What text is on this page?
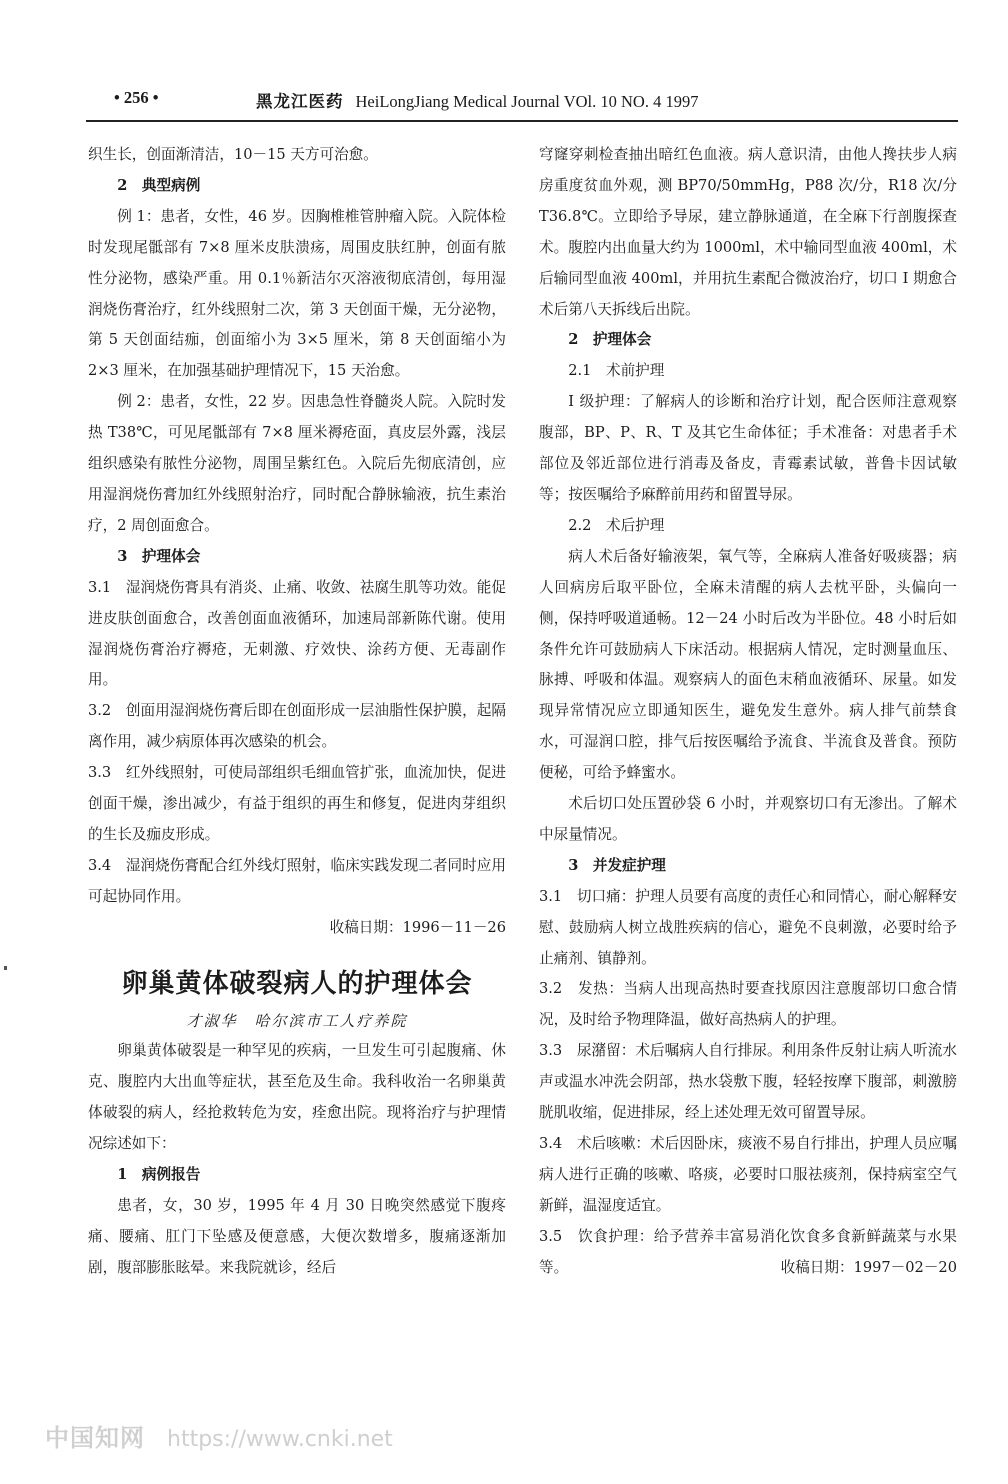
• 256 •	黑龙江医药 HeiLongJiang Medical Journal VOl. 10 NO. 4 1997

织生长，创面渐清洁，10－15 天方可治愈。

2　典型病例

例 1：患者，女性，46 岁。因胸椎椎管肿瘤入院。入院体检时发现尾骶部有 7×8 厘米皮肤溃疡，周围皮肤红肿，创面有脓性分泌物，感染严重。用 0.1％新洁尔灭溶液彻底清创，每用湿润烧伤膏治疗，红外线照射二次，第 3 天创面干燥，无分泌物，第 5 天创面结痂，创面缩小为 3×5 厘米，第 8 天创面缩小为 2×3 厘米，在加强基础护理情况下，15 天治愈。

例 2：患者，女性，22 岁。因患急性脊髓炎人院。入院时发热 T38℃，可见尾骶部有 7×8 厘米褥疮面，真皮层外露，浅层组织感染有脓性分泌物，周围呈紫红色。入院后先彻底清创，应用湿润烧伤膏加红外线照射治疗，同时配合静脉输液，抗生素治疗，2 周创面愈合。

3　护理体会

3.1　湿润烧伤膏具有消炎、止痛、收敛、祛腐生肌等功效。能促进皮肤创面愈合，改善创面血液循环，加速局部新陈代谢。使用湿润烧伤膏治疗褥疮，无刺激、疗效快、涂药方便、无毒副作用。

3.2　创面用湿润烧伤膏后即在创面形成一层油脂性保护膜，起隔离作用，减少病原体再次感染的机会。

3.3　红外线照射，可使局部组织毛细血管扩张，血流加快，促进创面干燥，渗出减少，有益于组织的再生和修复，促进肉芽组织的生长及痂皮形成。

3.4　湿润烧伤膏配合红外线灯照射，临床实践发现二者同时应用可起协同作用。

收稿日期：1996－11－26

卵巢黄体破裂病人的护理体会

才淑华　哈尔滨市工人疗养院

卵巢黄体破裂是一种罕见的疾病，一旦发生可引起腹痛、休克、腹腔内大出血等症状，甚至危及生命。我科收治一名卵巢黄体破裂的病人，经抢救转危为安，痊愈出院。现将治疗与护理情况综述如下：

1　病例报告

患者，女，30 岁，1995 年 4 月 30 日晚突然感觉下腹疼痛、腰痛、肛门下坠感及便意感，大便次数增多，腹痛逐渐加剧，腹部膨胀眩晕。来我院就诊，经后

穹窿穿刺检查抽出暗红色血液。病人意识清，由他人搀扶步人病房重度贫血外观，测 BP70/50mmHg，P88 次/分，R18 次/分 T36.8℃。立即给予导尿，建立静脉通道，在全麻下行剖腹探查术。腹腔内出血量大约为 1000ml，术中输同型血液 400ml，术后输同型血液 400ml，并用抗生素配合微波治疗，切口 Ⅰ 期愈合术后第八天拆线后出院。

2　护理体会

2.1　术前护理

Ⅰ 级护理：了解病人的诊断和治疗计划，配合医师注意观察腹部，BP、P、R、T 及其它生命体征；手术准备：对患者手术部位及邻近部位进行消毒及备皮，青霉素试敏，普鲁卡因试敏等；按医嘱给予麻醉前用药和留置导尿。

2.2　术后护理

病人术后备好输液架，氧气等，全麻病人准备好吸痰器；病人回病房后取平卧位，全麻未清醒的病人去枕平卧，头偏向一侧，保持呼吸道通畅。12－24 小时后改为半卧位。48 小时后如条件允许可鼓励病人下床活动。根据病人情况，定时测量血压、脉搏、呼吸和体温。观察病人的面色末稍血液循环、尿量。如发现异常情况应立即通知医生，避免发生意外。病人排气前禁食水，可湿润口腔，排气后按医嘱给予流食、半流食及普食。预防便秘，可给予蜂蜜水。

术后切口处压置砂袋 6 小时，并观察切口有无渗出。了解术中尿量情况。

3　并发症护理

3.1　切口痛：护理人员要有高度的责任心和同情心，耐心解释安慰、鼓励病人树立战胜疾病的信心，避免不良刺激，必要时给予止痛剂、镇静剂。

3.2　发热：当病人出现高热时要查找原因注意腹部切口愈合情况，及时给予物理降温，做好高热病人的护理。

3.3　尿潴留：术后嘱病人自行排尿。利用条件反射让病人听流水声或温水冲洗会阴部，热水袋敷下腹，轻轻按摩下腹部，刺激膀胱肌收缩，促进排尿，经上述处理无效可留置导尿。

3.4　术后咳嗽：术后因卧床，痰液不易自行排出，护理人员应嘱病人进行正确的咳嗽、咯痰，必要时口服祛痰剂，保持病室空气新鲜，温湿度适宜。

3.5　饮食护理：给予营养丰富易消化饮食多食新鲜蔬菜与水果等。	收稿日期：1997－02－20

中国知网 https://www.cnki.net
